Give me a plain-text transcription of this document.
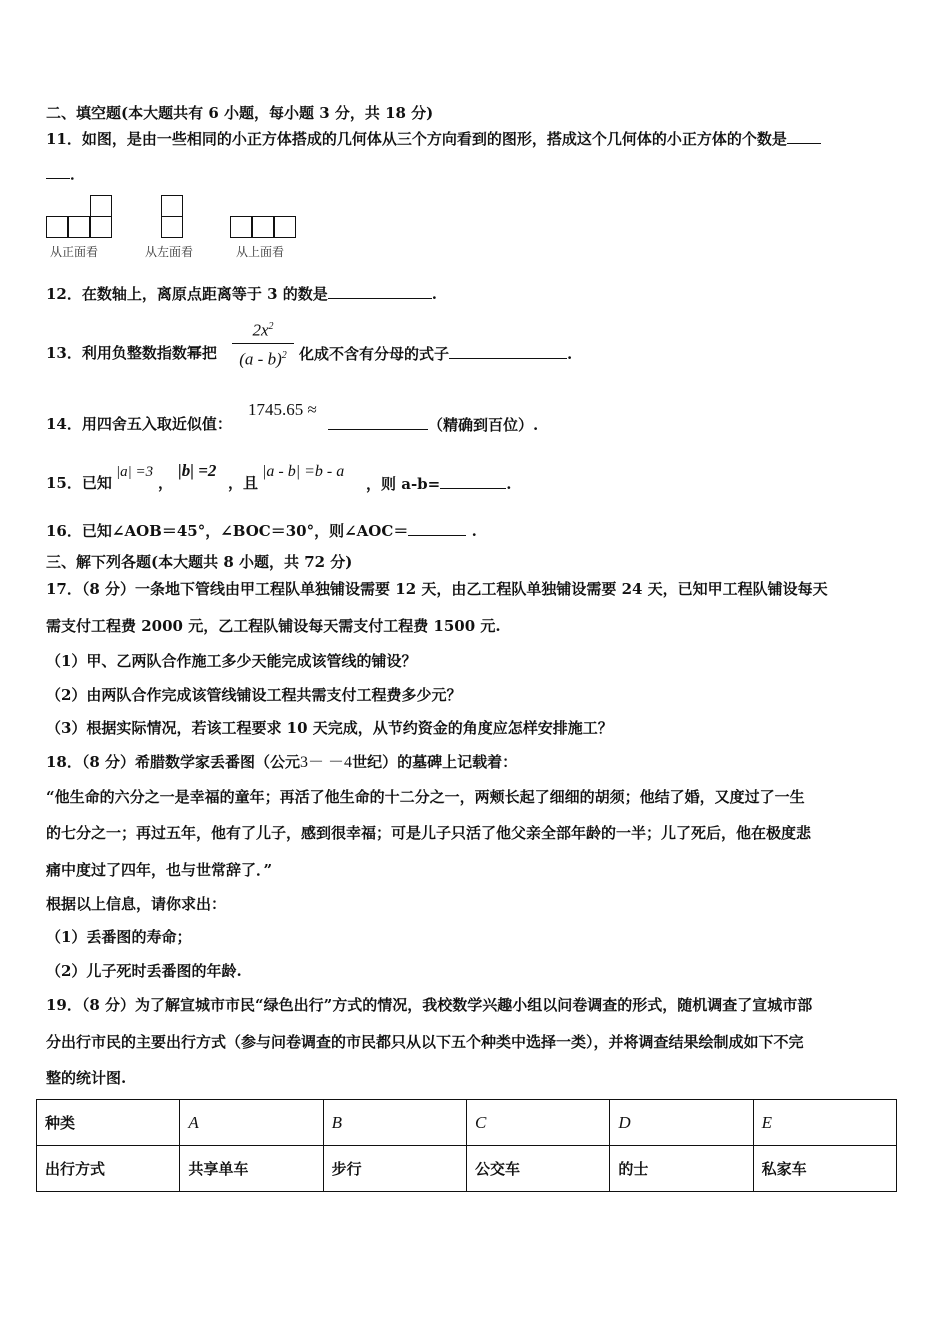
二、填空题(本大题共有 6 小题，每小题 3 分，共 18 分)
11．如图，是由一些相同的小正方体搭成的几何体从三个方向看到的图形，搭成这个几何体的小正方体的个数是
．
从正面看	从左面看	从上面看
12．在数轴上，离原点距离等于 3 的数是	.
13．利用负整数指数幂把
$2x^2$
(a - b)$^2$ 化成不含有分母的式子	.
14．用四舍五入取近似值：
1745.65 ≈
（精确到百位）.
15．已知
|a| =3
，
|b| =2
，且
|a - b| =b - a
，则 a-b=	.
16．已知∠AOB＝45°，∠BOC＝30°，则∠AOC＝	.
三、解下列各题(本大题共 8 小题，共 72 分)
17．（8 分）一条地下管线由甲工程队单独铺设需要 12 天，由乙工程队单独铺设需要 24 天，已知甲工程队铺设每天
需支付工程费 2000 元，乙工程队铺设每天需支付工程费 1500 元.
（1）甲、乙两队合作施工多少天能完成该管线的铺设？
（2）由两队合作完成该管线铺设工程共需支付工程费多少元？
（3）根据实际情况，若该工程要求 10 天完成，从节约资金的角度应怎样安排施工？
18．（8 分）希腊数学家丢番图（公元3－ －4世纪）的墓碑上记载着：
“他生命的六分之一是幸福的童年；再活了他生命的十二分之一，两颊长起了细细的胡须；他结了婚，又度过了一生
的七分之一；再过五年，他有了儿子，感到很幸福；可是儿子只活了他父亲全部年龄的一半；儿了死后，他在极度悲
痛中度过了四年，也与世常辞了．”
根据以上信息，请你求出：
（1）丢番图的寿命；
（2）儿子死时丢番图的年龄.
19．（8 分）为了解宣城市市民“绿色出行”方式的情况，我校数学兴趣小组以问卷调查的形式，随机调查了宣城市部
分出行市民的主要出行方式（参与问卷调查的市民都只从以下五个种类中选择一类），并将调查结果绘制成如下不完
整的统计图.
种类	A	B	C	D	E
出行方式	共享单车	步行	公交车	的士	私家车
